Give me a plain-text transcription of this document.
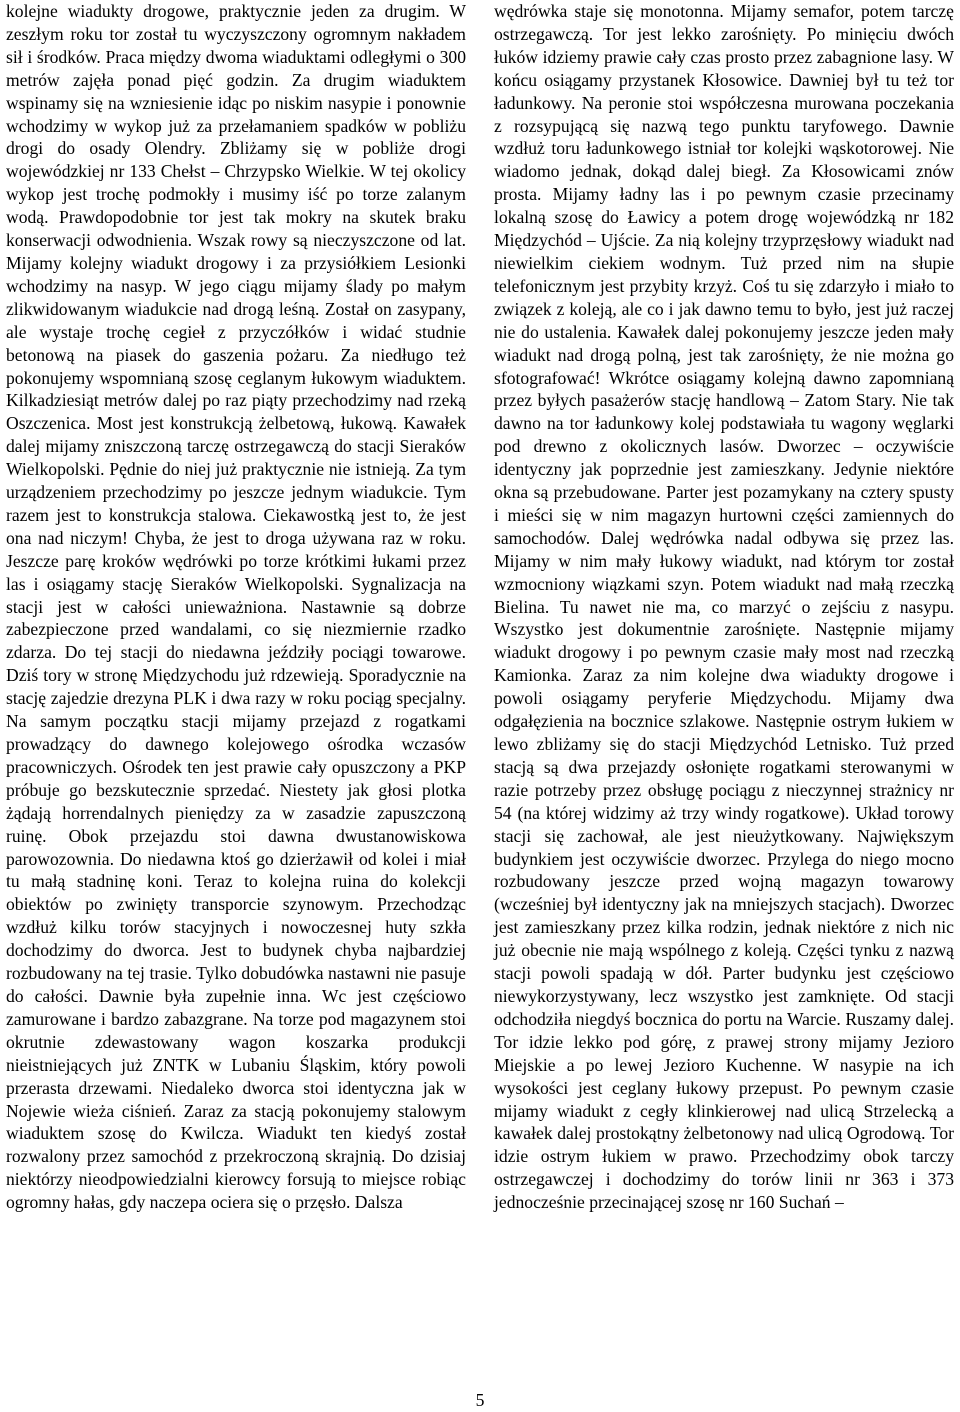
kolejne wiadukty drogowe, praktycznie jeden za drugim. W zeszłym roku tor został tu wyczyszczony ogromnym nakładem sił i środków. Praca między dwoma wiaduktami odległymi o 300 metrów zajęła ponad pięć godzin. Za drugim wiaduktem wspinamy się na wzniesienie idąc po niskim nasypie i ponownie wchodzimy w wykop już za przełamaniem spadków w pobliżu drogi do osady Olendry. Zbliżamy się w pobliże drogi wojewódzkiej nr 133 Chełst – Chrzypsko Wielkie. W tej okolicy wykop jest trochę podmokły i musimy iść po torze zalanym wodą. Prawdopodobnie tor jest tak mokry na skutek braku konserwacji odwodnienia. Wszak rowy są nieczyszczone od lat. Mijamy kolejny wiadukt drogowy i za przysiółkiem Lesionki wchodzimy na nasyp. W jego ciągu mijamy ślady po małym zlikwidowanym wiadukcie nad drogą leśną. Został on zasypany, ale wystaje trochę cegieł z przyczółków i widać studnie betonową na piasek do gaszenia pożaru. Za niedługo też pokonujemy wspomnianą szosę ceglanym łukowym wiaduktem. Kilkadziesiąt metrów dalej po raz piąty przechodzimy nad rzeką Oszczenica. Most jest konstrukcją żelbetową, łukową. Kawałek dalej mijamy zniszczoną tarczę ostrzegawczą do stacji Sieraków Wielkopolski. Pędnie do niej już praktycznie nie istnieją. Za tym urządzeniem przechodzimy po jeszcze jednym wiadukcie. Tym razem jest to konstrukcja stalowa. Ciekawostką jest to, że jest ona nad niczym! Chyba, że jest to droga używana raz w roku. Jeszcze parę kroków wędrówki po torze krótkimi łukami przez las i osiągamy stację Sieraków Wielkopolski. Sygnalizacja na stacji jest w całości unieważniona. Nastawnie są dobrze zabezpieczone przed wandalami, co się niezmiernie rzadko zdarza. Do tej stacji do niedawna jeździły pociągi towarowe. Dziś tory w stronę Międzychodu już rdzewieją. Sporadycznie na stację zajedzie drezyna PLK i dwa razy w roku pociąg specjalny. Na samym początku stacji mijamy przejazd z rogatkami prowadzący do dawnego kolejowego ośrodka wczasów pracowniczych. Ośrodek ten jest prawie cały opuszczony a PKP próbuje go bezskutecznie sprzedać. Niestety jak głosi plotka żądają horrendalnych pieniędzy za w zasadzie zapuszczoną ruinę. Obok przejazdu stoi dawna dwustanowiskowa parowozownia. Do niedawna ktoś go dzierżawił od kolei i miał tu małą stadninę koni. Teraz to kolejna ruina do kolekcji obiektów po zwinięty transporcie szynowym. Przechodząc wzdłuż kilku torów stacyjnych i nowoczesnej huty szkła dochodzimy do dworca. Jest to budynek chyba najbardziej rozbudowany na tej trasie. Tylko dobudówka nastawni nie pasuje do całości. Dawnie była zupełnie inna. Wc jest częściowo zamurowane i bardzo zabazgrane. Na torze pod magazynem stoi okrutnie zdewastowany wagon koszarka produkcji nieistniejących już ZNTK w Lubaniu Śląskim, który powoli przerasta drzewami. Niedaleko dworca stoi identyczna jak w Nojewie wieża ciśnień. Zaraz za stacją pokonujemy stalowym wiaduktem szosę do Kwilcza. Wiadukt ten kiedyś został rozwalony przez samochód z przekroczoną skrajnią. Do dzisiaj niektórzy nieodpowiedzialni kierowcy forsują to miejsce robiąc ogromny hałas, gdy naczepa ociera się o przęsło. Dalsza

wędrówka staje się monotonna. Mijamy semafor, potem tarczę ostrzegawczą. Tor jest lekko zarośnięty. Po minięciu dwóch łuków idziemy prawie cały czas prosto przez zabagnione lasy. W końcu osiągamy przystanek Kłosowice. Dawniej był tu też tor ładunkowy. Na peronie stoi współczesna murowana poczekania z rozsypującą się nazwą tego punktu taryfowego. Dawnie wzdłuż toru ładunkowego istniał tor kolejki wąskotorowej. Nie wiadomo jednak, dokąd dalej biegł. Za Kłosowicami znów prosta. Mijamy ładny las i po pewnym czasie przecinamy lokalną szosę do Ławicy a potem drogę wojewódzką nr 182 Międzychód – Ujście. Za nią kolejny trzyprzęsłowy wiadukt nad niewielkim ciekiem wodnym. Tuż przed nim na słupie telefonicznym jest przybity krzyż. Coś tu się zdarzyło i miało to związek z koleją, ale co i jak dawno temu to było, jest już raczej nie do ustalenia. Kawałek dalej pokonujemy jeszcze jeden mały wiadukt nad drogą polną, jest tak zarośnięty, że nie można go sfotografować! Wkrótce osiągamy kolejną dawno zapomnianą przez byłych pasażerów stację handlową – Zatom Stary. Nie tak dawno na tor ładunkowy kolej podstawiała tu wagony węglarki pod drewno z okolicznych lasów. Dworzec – oczywiście identyczny jak poprzednie jest zamieszkany. Jedynie niektóre okna są przebudowane. Parter jest pozamykany na cztery spusty i mieści się w nim magazyn hurtowni części zamiennych do samochodów. Dalej wędrówka nadal odbywa się przez las. Mijamy w nim mały łukowy wiadukt, nad którym tor został wzmocniony wiązkami szyn. Potem wiadukt nad małą rzeczką Bielina. Tu nawet nie ma, co marzyć o zejściu z nasypu. Wszystko jest dokumentnie zarośnięte. Następnie mijamy wiadukt drogowy i po pewnym czasie mały most nad rzeczką Kamionka. Zaraz za nim kolejne dwa wiadukty drogowe i powoli osiągamy peryferie Międzychodu. Mijamy dwa odgałęzienia na bocznice szlakowe. Następnie ostrym łukiem w lewo zbliżamy się do stacji Międzychód Letnisko. Tuż przed stacją są dwa przejazdy osłonięte rogatkami sterowanymi w razie potrzeby przez obsługę pociągu z nieczynnej strażnicy nr 54 (na której widzimy aż trzy windy rogatkowe). Układ torowy stacji się zachował, ale jest nieużytkowany. Największym budynkiem jest oczywiście dworzec. Przylega do niego mocno rozbudowany jeszcze przed wojną magazyn towarowy (wcześniej był identyczny jak na mniejszych stacjach). Dworzec jest zamieszkany przez kilka rodzin, jednak niektóre z nich nic już obecnie nie mają wspólnego z koleją. Części tynku z nazwą stacji powoli spadają w dół. Parter budynku jest częściowo niewykorzystywany, lecz wszystko jest zamknięte. Od stacji odchodziła niegdyś bocznica do portu na Warcie. Ruszamy dalej. Tor idzie lekko pod górę, z prawej strony mijamy Jezioro Miejskie a po lewej Jezioro Kuchenne. W nasypie na ich wysokości jest ceglany łukowy przepust. Po pewnym czasie mijamy wiadukt z cegły klinkierowej nad ulicą Strzelecką a kawałek dalej prostokątny żelbetonowy nad ulicą Ogrodową. Tor idzie ostrym łukiem w prawo. Przechodzimy obok tarczy ostrzegawczej i dochodzimy do torów linii nr 363 i 373 jednocześnie przecinającej szosę nr 160 Suchań –

5
